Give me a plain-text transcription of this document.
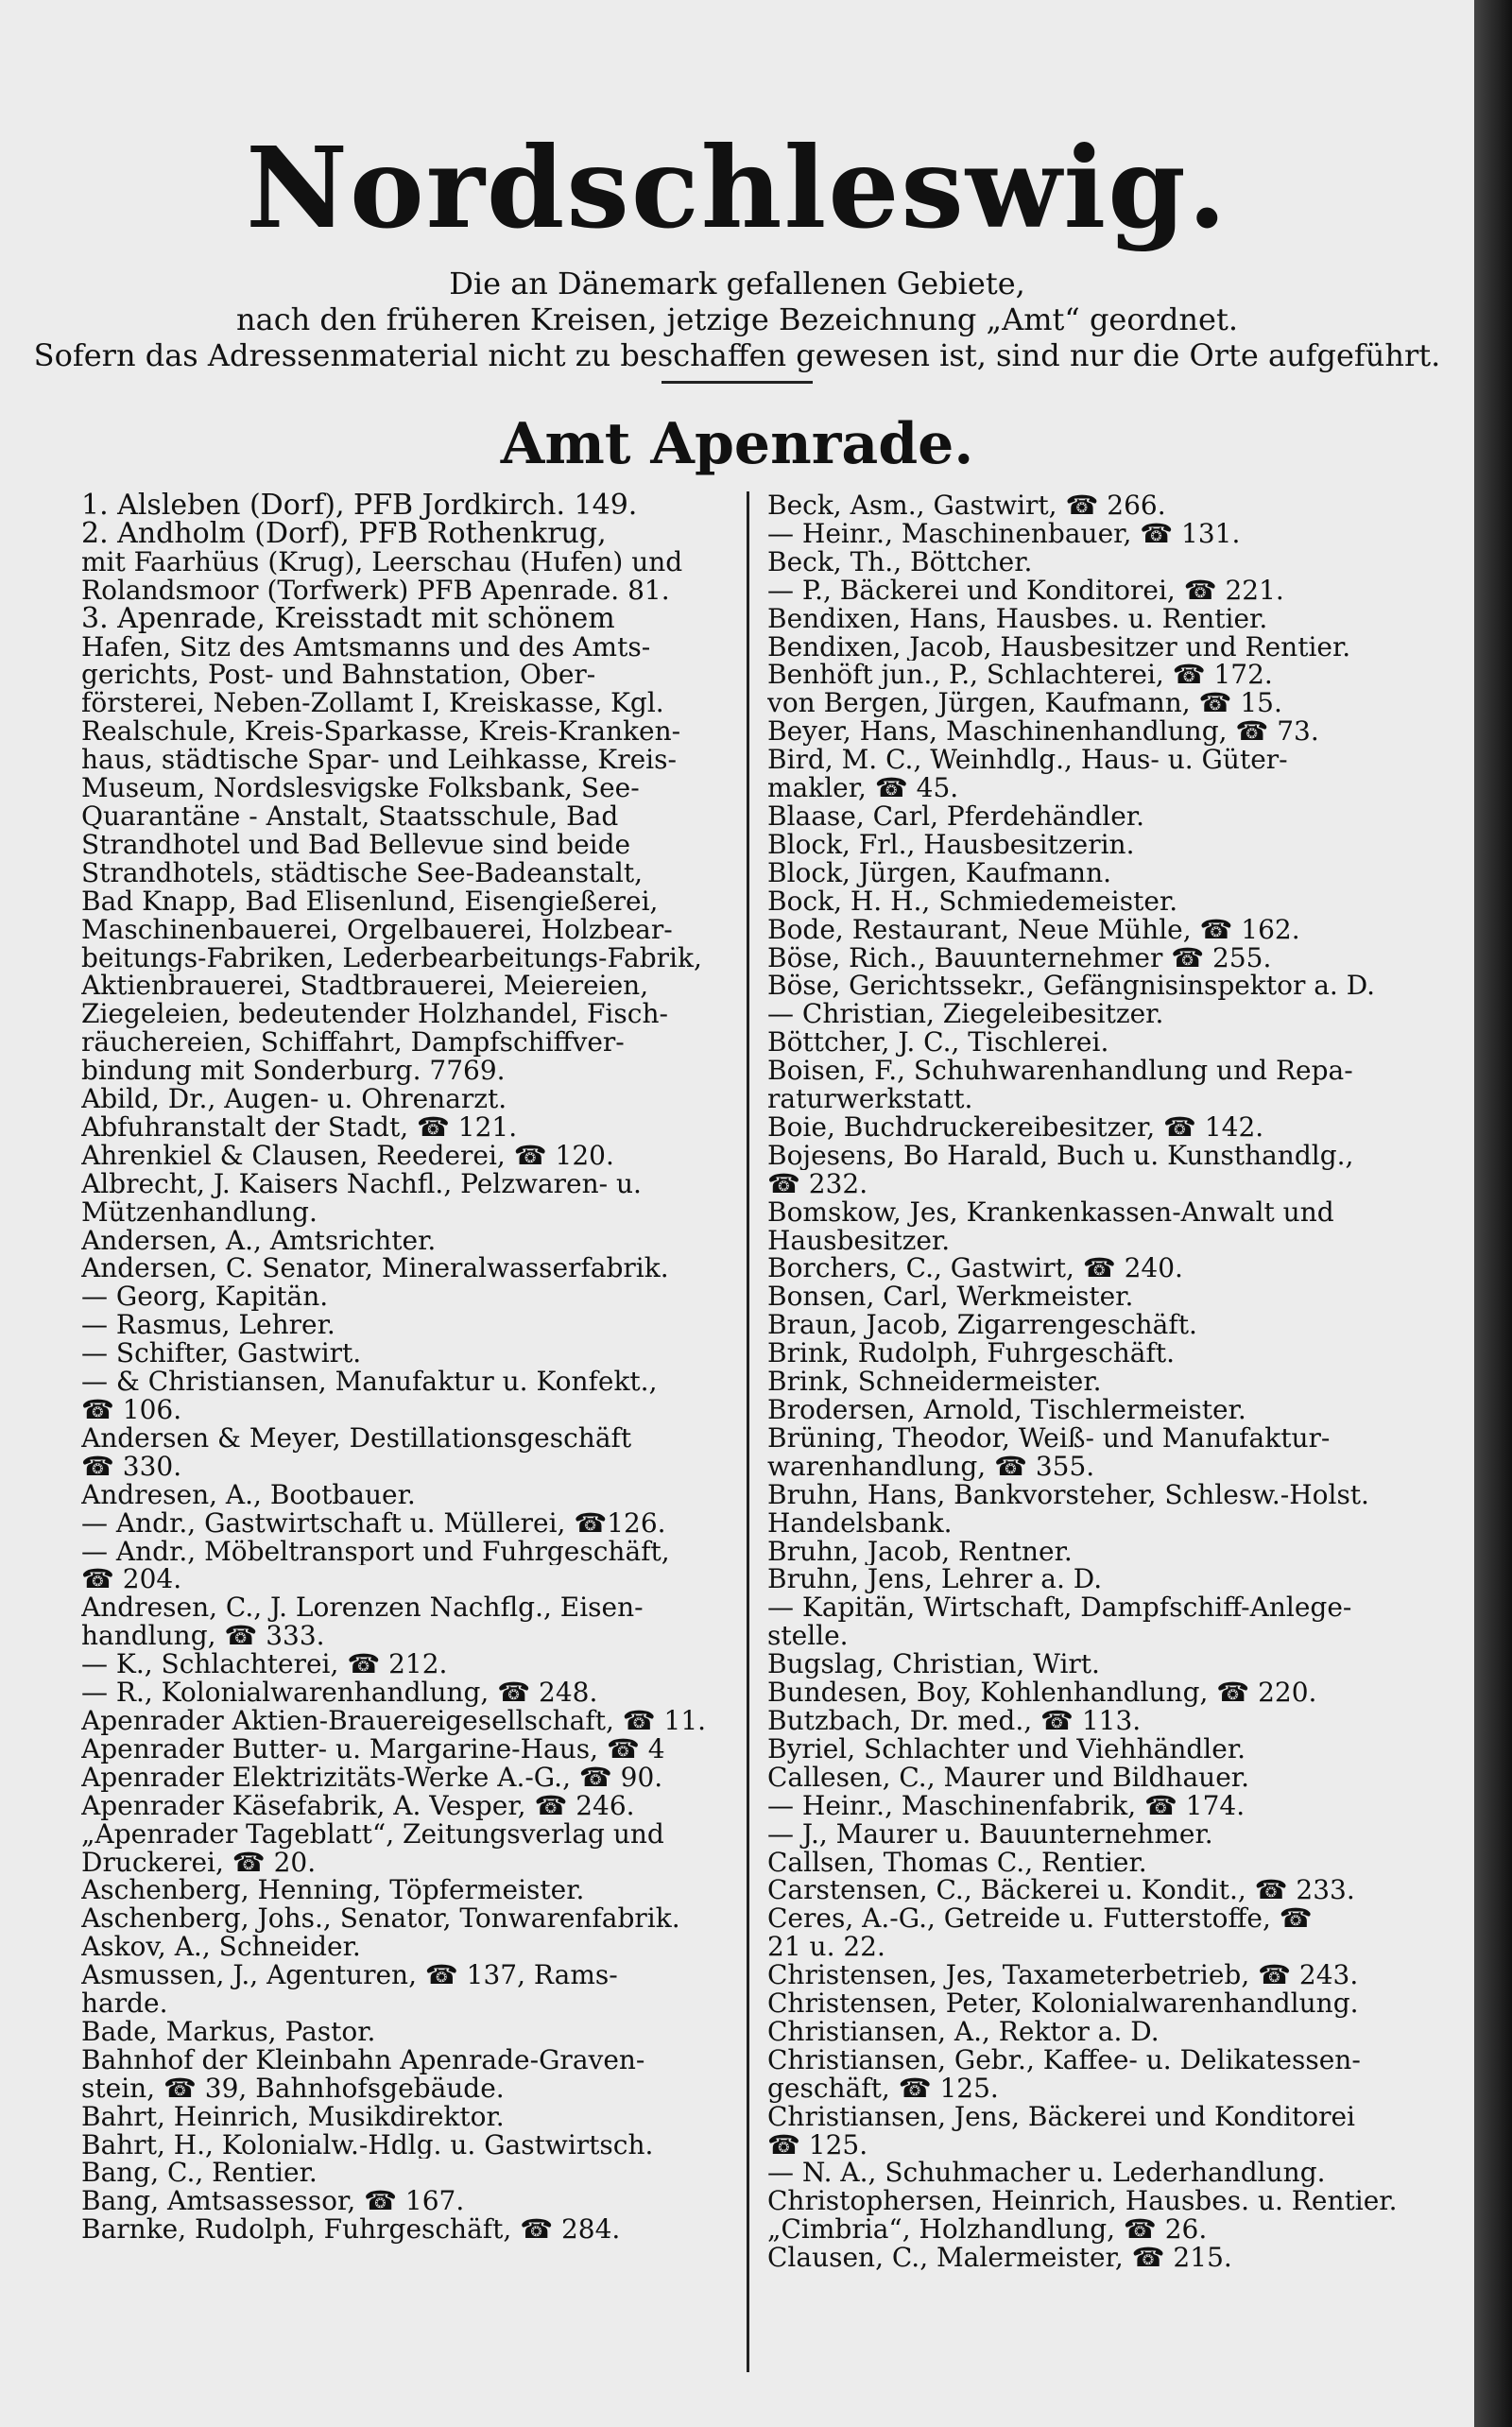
Nordschleswig.
Die an Dänemark gefallenen Gebiete,
nach den früheren Kreisen, jetzige Bezeichnung „Amt“ geordnet.
Sofern das Adressenmaterial nicht zu beschaffen gewesen ist, sind nur die Orte aufgeführt.
Amt Apenrade.
1. Alsleben (Dorf), PFB Jordkirch. 149.
2. Andholm (Dorf), PFB Rothenkrug,
mit Faarhüus (Krug), Leerschau (Hufen) und
Rolandsmoor (Torfwerk) PFB Apenrade. 81.
3. Apenrade, Kreisstadt mit schönem
Hafen, Sitz des Amtsmanns und des Amts-
gerichts, Post- und Bahnstation, Ober-
försterei, Neben-Zollamt I, Kreiskasse, Kgl.
Realschule, Kreis-Sparkasse, Kreis-Kranken-
haus, städtische Spar- und Leihkasse, Kreis-
Museum, Nordslesvigske Folksbank, See-
Quarantäne - Anstalt, Staatsschule, Bad
Strandhotel und Bad Bellevue sind beide
Strandhotels, städtische See-Badeanstalt,
Bad Knapp, Bad Elisenlund, Eisengießerei,
Maschinenbauerei, Orgelbauerei, Holzbear-
beitungs-Fabriken, Lederbearbeitungs-Fabrik,
Aktienbrauerei, Stadtbrauerei, Meiereien,
Ziegeleien, bedeutender Holzhandel, Fisch-
räuchereien, Schiffahrt, Dampfschiffver-
bindung mit Sonderburg. 7769.
Abild, Dr., Augen- u. Ohrenarzt.
Abfuhranstalt der Stadt, ☎ 121.
Ahrenkiel & Clausen, Reederei, ☎ 120.
Albrecht, J. Kaisers Nachfl., Pelzwaren- u.
Mützenhandlung.
Andersen, A., Amtsrichter.
Andersen, C. Senator, Mineralwasserfabrik.
— Georg, Kapitän.
— Rasmus, Lehrer.
— Schifter, Gastwirt.
— & Christiansen, Manufaktur u. Konfekt.,
☎ 106.
Andersen & Meyer, Destillationsgeschäft
☎ 330.
Andresen, A., Bootbauer.
— Andr., Gastwirtschaft u. Müllerei, ☎126.
— Andr., Möbeltransport und Fuhrgeschäft,
☎ 204.
Andresen, C., J. Lorenzen Nachflg., Eisen-
handlung, ☎ 333.
— K., Schlachterei, ☎ 212.
— R., Kolonialwarenhandlung, ☎ 248.
Apenrader Aktien-Brauereigesellschaft, ☎ 11.
Apenrader Butter- u. Margarine-Haus, ☎ 4
Apenrader Elektrizitäts-Werke A.-G., ☎ 90.
Apenrader Käsefabrik, A. Vesper, ☎ 246.
„Apenrader Tageblatt“, Zeitungsverlag und
Druckerei, ☎ 20.
Aschenberg, Henning, Töpfermeister.
Aschenberg, Johs., Senator, Tonwarenfabrik.
Askov, A., Schneider.
Asmussen, J., Agenturen, ☎ 137, Rams-
harde.
Bade, Markus, Pastor.
Bahnhof der Kleinbahn Apenrade-Graven-
stein, ☎ 39, Bahnhofsgebäude.
Bahrt, Heinrich, Musikdirektor.
Bahrt, H., Kolonialw.-Hdlg. u. Gastwirtsch.
Bang, C., Rentier.
Bang, Amtsassessor, ☎ 167.
Barnke, Rudolph, Fuhrgeschäft, ☎ 284.
Beck, Asm., Gastwirt, ☎ 266.
— Heinr., Maschinenbauer, ☎ 131.
Beck, Th., Böttcher.
— P., Bäckerei und Konditorei, ☎ 221.
Bendixen, Hans, Hausbes. u. Rentier.
Bendixen, Jacob, Hausbesitzer und Rentier.
Benhöft jun., P., Schlachterei, ☎ 172.
von Bergen, Jürgen, Kaufmann, ☎ 15.
Beyer, Hans, Maschinenhandlung, ☎ 73.
Bird, M. C., Weinhdlg., Haus- u. Güter-
makler, ☎ 45.
Blaase, Carl, Pferdehändler.
Block, Frl., Hausbesitzerin.
Block, Jürgen, Kaufmann.
Bock, H. H., Schmiedemeister.
Bode, Restaurant, Neue Mühle, ☎ 162.
Böse, Rich., Bauunternehmer ☎ 255.
Böse, Gerichtssekr., Gefängnisinspektor a. D.
— Christian, Ziegeleibesitzer.
Böttcher, J. C., Tischlerei.
Boisen, F., Schuhwarenhandlung und Repa-
raturwerkstatt.
Boie, Buchdruckereibesitzer, ☎ 142.
Bojesens, Bo Harald, Buch u. Kunsthandlg.,
☎ 232.
Bomskow, Jes, Krankenkassen-Anwalt und
Hausbesitzer.
Borchers, C., Gastwirt, ☎ 240.
Bonsen, Carl, Werkmeister.
Braun, Jacob, Zigarrengeschäft.
Brink, Rudolph, Fuhrgeschäft.
Brink, Schneidermeister.
Brodersen, Arnold, Tischlermeister.
Brüning, Theodor, Weiß- und Manufaktur-
warenhandlung, ☎ 355.
Bruhn, Hans, Bankvorsteher, Schlesw.-Holst.
Handelsbank.
Bruhn, Jacob, Rentner.
Bruhn, Jens, Lehrer a. D.
— Kapitän, Wirtschaft, Dampfschiff-Anlege-
stelle.
Bugslag, Christian, Wirt.
Bundesen, Boy, Kohlenhandlung, ☎ 220.
Butzbach, Dr. med., ☎ 113.
Byriel, Schlachter und Viehhändler.
Callesen, C., Maurer und Bildhauer.
— Heinr., Maschinenfabrik, ☎ 174.
— J., Maurer u. Bauunternehmer.
Callsen, Thomas C., Rentier.
Carstensen, C., Bäckerei u. Kondit., ☎ 233.
Ceres, A.-G., Getreide u. Futterstoffe, ☎
21 u. 22.
Christensen, Jes, Taxameterbetrieb, ☎ 243.
Christensen, Peter, Kolonialwarenhandlung.
Christiansen, A., Rektor a. D.
Christiansen, Gebr., Kaffee- u. Delikatessen-
geschäft, ☎ 125.
Christiansen, Jens, Bäckerei und Konditorei
☎ 125.
— N. A., Schuhmacher u. Lederhandlung.
Christophersen, Heinrich, Hausbes. u. Rentier.
„Cimbria“, Holzhandlung, ☎ 26.
Clausen, C., Malermeister, ☎ 215.
